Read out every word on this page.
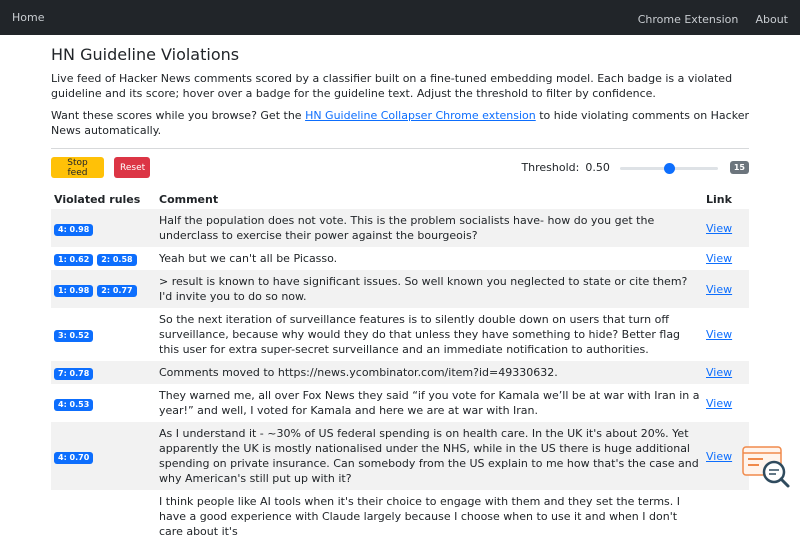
Home	Chrome Extension About
HN Guideline Violations

Live feed of Hacker News comments scored by a classifier built on a fine-tuned embedding model. Each badge is a violated guideline and its score; hover over a badge for the guideline text. Adjust the threshold to filter by confidence.

Want these scores while you browse? Get the HN Guideline Collapser Chrome extension to hide violating comments on Hacker News automatically.

Stop feed	Reset	Threshold: 0.50	15
Violated rules	Comment	Link
4: 0.98	Half the population does not vote. This is the problem socialists have- how do you get the underclass to exercise their power against the bourgeois?	View
1: 0.62 2: 0.58	Yeah but we can't all be Picasso.	View
1: 0.98 2: 0.77	> result is known to have significant issues. So well known you neglected to state or cite them? I'd invite you to do so now.	View
3: 0.52	So the next iteration of surveillance features is to silently double down on users that turn off surveillance, because why would they do that unless they have something to hide? Better flag this user for extra super-secret surveillance and an immediate notification to authorities.	View
7: 0.78	Comments moved to https://news.ycombinator.com/item?id=49330632.	View
4: 0.53	They warned me, all over Fox News they said “if you vote for Kamala we’ll be at war with Iran in a year!” and well, I voted for Kamala and here we are at war with Iran.	View
4: 0.70	As I understand it - ~30% of US federal spending is on health care. In the UK it's about 20%. Yet apparently the UK is mostly nationalised under the NHS, while in the US there is huge additional spending on private insurance. Can somebody from the US explain to me how that's the case and why American's still put up with it?	View
	I think people like AI tools when it's their choice to engage with them and they set the terms. I have a good experience with Claude largely because I choose when to use it and when I don't care about it's	
